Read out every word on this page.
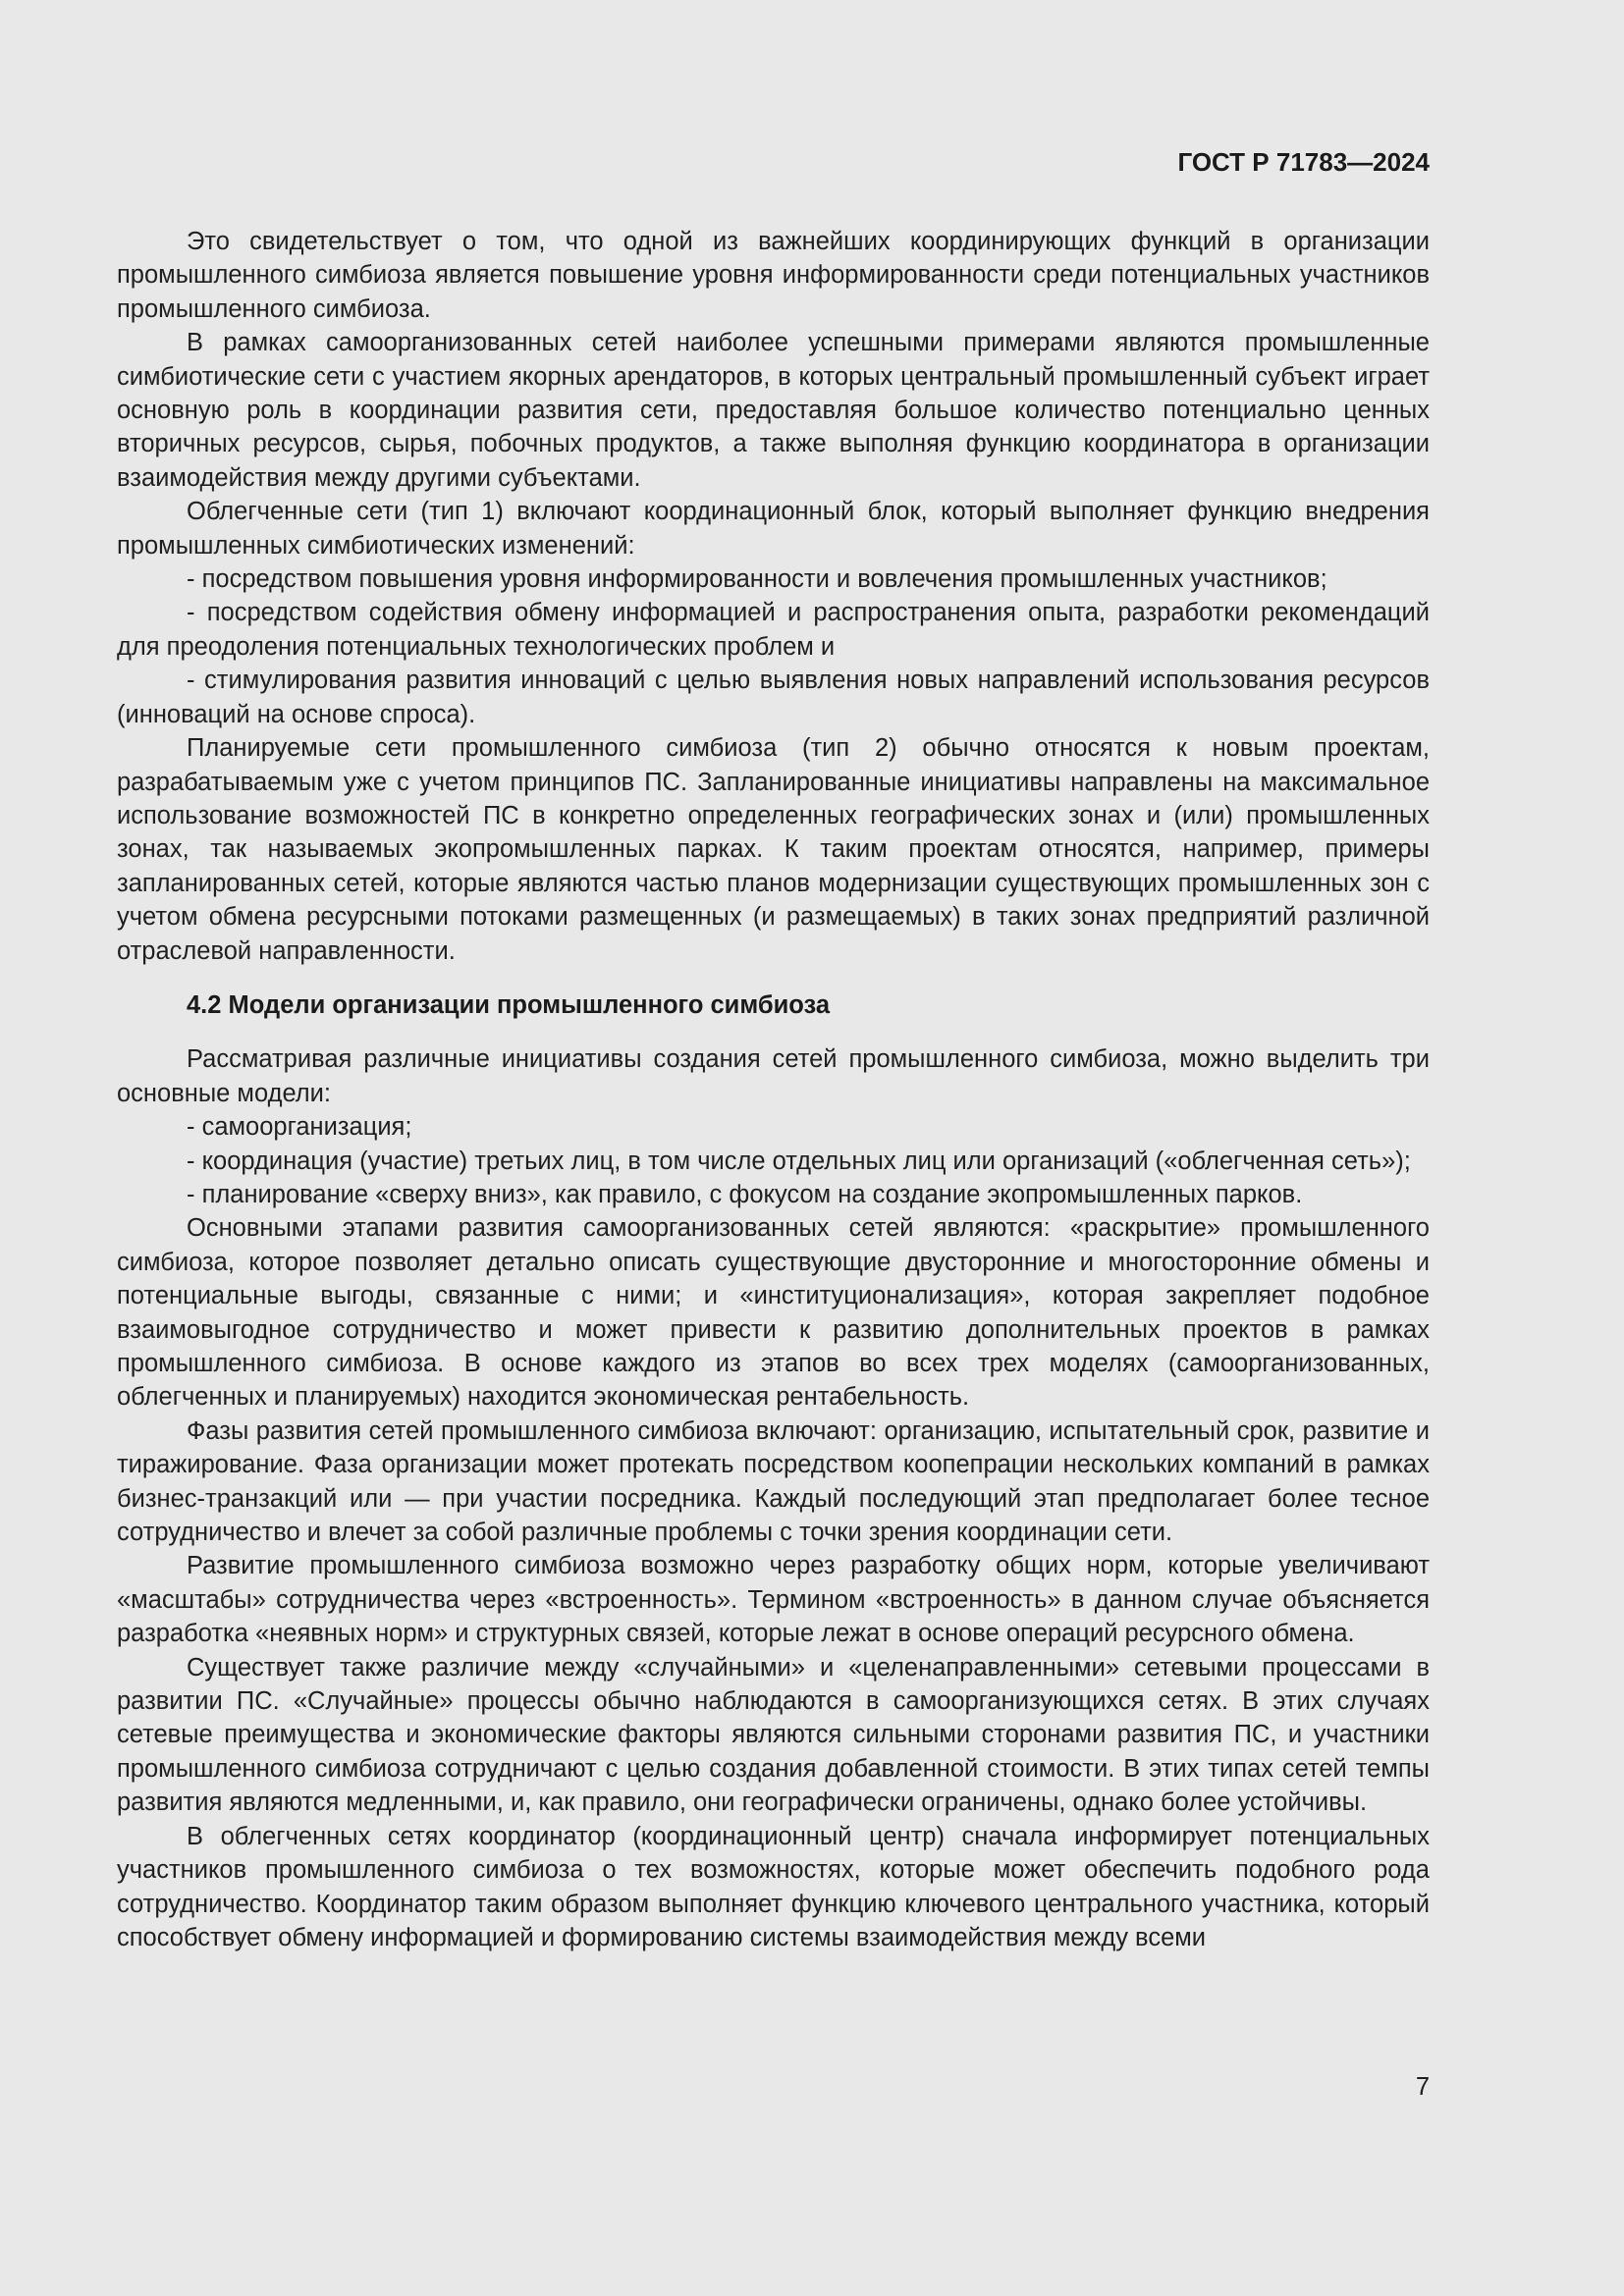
ГОСТ Р 71783—2024

Это свидетельствует о том, что одной из важнейших координирующих функций в организации промышленного симбиоза является повышение уровня информированности среди потенциальных участников промышленного симбиоза.

В рамках самоорганизованных сетей наиболее успешными примерами являются промышленные симбиотические сети с участием якорных арендаторов, в которых центральный промышленный субъект играет основную роль в координации развития сети, предоставляя большое количество потенциально ценных вторичных ресурсов, сырья, побочных продуктов, а также выполняя функцию координатора в организации взаимодействия между другими субъектами.

Облегченные сети (тип 1) включают координационный блок, который выполняет функцию внедрения промышленных симбиотических изменений:

- посредством повышения уровня информированности и вовлечения промышленных участников;

- посредством содействия обмену информацией и распространения опыта, разработки рекомендаций для преодоления потенциальных технологических проблем и

- стимулирования развития инноваций с целью выявления новых направлений использования ресурсов (инноваций на основе спроса).

Планируемые сети промышленного симбиоза (тип 2) обычно относятся к новым проектам, разрабатываемым уже с учетом принципов ПС. Запланированные инициативы направлены на максимальное использование возможностей ПС в конкретно определенных географических зонах и (или) промышленных зонах, так называемых экопромышленных парках. К таким проектам относятся, например, примеры запланированных сетей, которые являются частью планов модернизации существующих промышленных зон с учетом обмена ресурсными потоками размещенных (и размещаемых) в таких зонах предприятий различной отраслевой направленности.

4.2 Модели организации промышленного симбиоза

Рассматривая различные инициативы создания сетей промышленного симбиоза, можно выделить три основные модели:

- самоорганизация;

- координация (участие) третьих лиц, в том числе отдельных лиц или организаций («облегченная сеть»);

- планирование «сверху вниз», как правило, с фокусом на создание экопромышленных парков.

Основными этапами развития самоорганизованных сетей являются: «раскрытие» промышленного симбиоза, которое позволяет детально описать существующие двусторонние и многосторонние обмены и потенциальные выгоды, связанные с ними; и «институционализация», которая закрепляет подобное взаимовыгодное сотрудничество и может привести к развитию дополнительных проектов в рамках промышленного симбиоза. В основе каждого из этапов во всех трех моделях (самоорганизованных, облегченных и планируемых) находится экономическая рентабельность.

Фазы развития сетей промышленного симбиоза включают: организацию, испытательный срок, развитие и тиражирование. Фаза организации может протекать посредством коопепрации нескольких компаний в рамках бизнес-транзакций или — при участии посредника. Каждый последующий этап предполагает более тесное сотрудничество и влечет за собой различные проблемы с точки зрения координации сети.

Развитие промышленного симбиоза возможно через разработку общих норм, которые увеличивают «масштабы» сотрудничества через «встроенность». Термином «встроенность» в данном случае объясняется разработка «неявных норм» и структурных связей, которые лежат в основе операций ресурсного обмена.

Существует также различие между «случайными» и «целенаправленными» сетевыми процессами в развитии ПС. «Случайные» процессы обычно наблюдаются в самоорганизующихся сетях. В этих случаях сетевые преимущества и экономические факторы являются сильными сторонами развития ПС, и участники промышленного симбиоза сотрудничают с целью создания добавленной стоимости. В этих типах сетей темпы развития являются медленными, и, как правило, они географически ограничены, однако более устойчивы.

В облегченных сетях координатор (координационный центр) сначала информирует потенциальных участников промышленного симбиоза о тех возможностях, которые может обеспечить подобного рода сотрудничество. Координатор таким образом выполняет функцию ключевого центрального участника, который способствует обмену информацией и формированию системы взаимодействия между всеми

7
